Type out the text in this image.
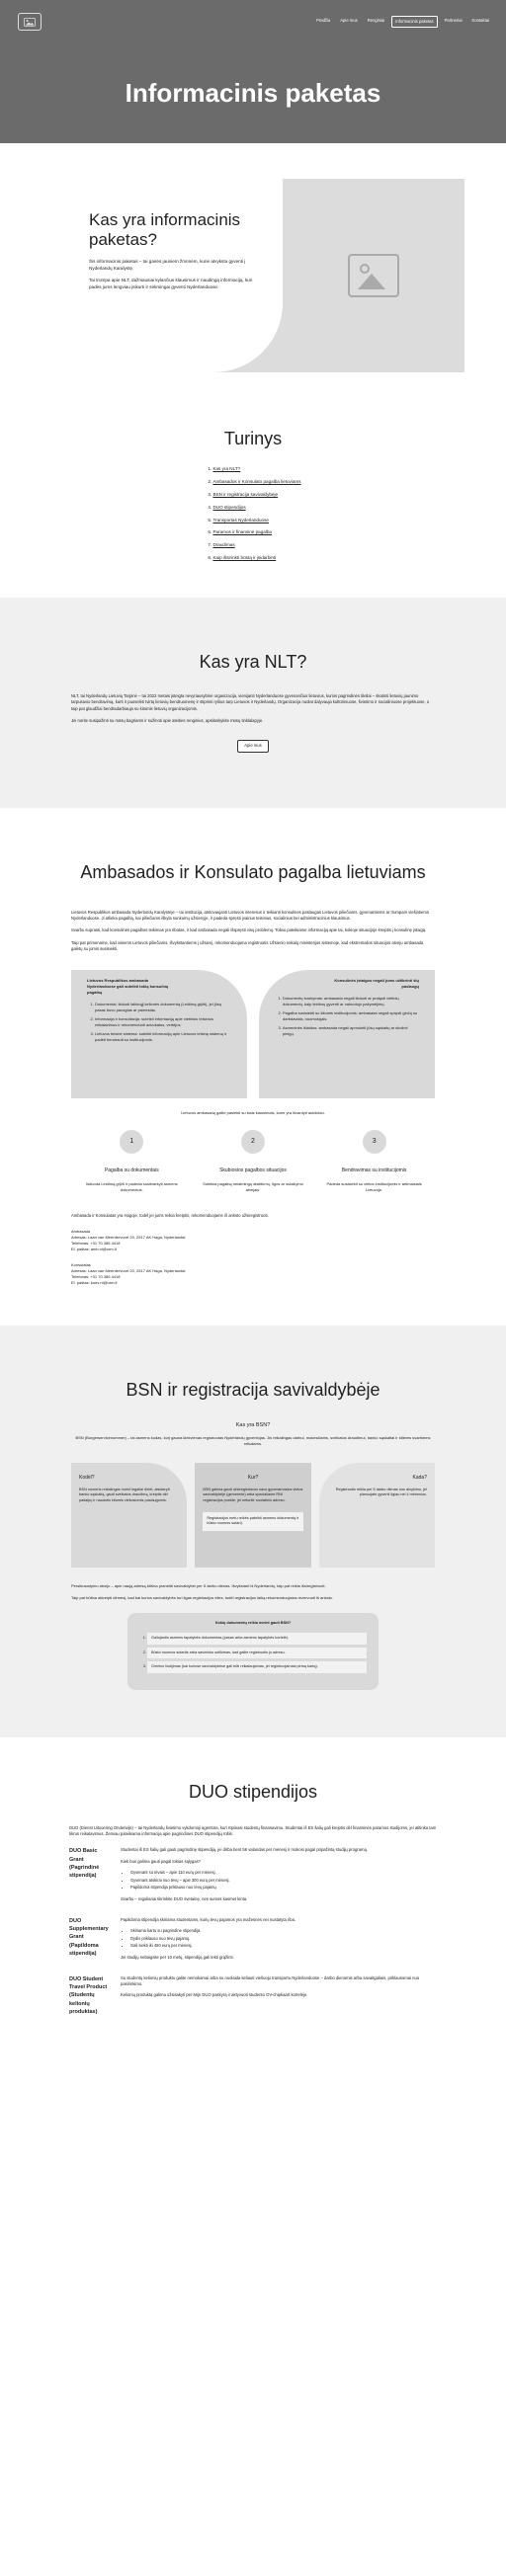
Pradžia	Apie mus	Renginiai	Informacinis paketas	Partneriai	Kontaktai
Informacinis paketas
Kas yra informacinis paketas?

Šis informacinis paketas – tai gairės jauniem žmonėm, kurie atvyksta gyventi į Nyderlandų Karalystę.

Tai trumpa apie NLT, dažniausiai kylančius klausimus ir naudingą informaciją, kuri padės jums lengviau įsikurti ir sėkmingai gyventi Nyderlanduose.

Turinys
1. Kas yra NLT?
2. Ambasados ir Konsulato pagalba lietuviams
3. BSN ir registracija savivaldybėje
4. DUO stipendijos
5. Transportas Nyderlanduose
6. Paramos ir finansinė pagalba
7. Draudimas
8. Kaip išsirinkti būstą ir įsidarbinti
Kas yra NLT?

NLT, tai Nyderlandų Lietuvių Tarpinė – tai 2022 metais įsteigta nevyriausybinė organizacija, vienijanti Nyderlanduose gyvenančius lietuvius, kurios pagrindinės tikslai – skatinti lietuvių jaunimo tarpusavio bendravimą, kurti ir puoselėti tvirtą lietuvių bendruomenę ir stiprinti ryšius tarp Lietuvos ir Nyderlandų. Organizacija nuolat dalyvauja kultūriniuose, švietimo ir socialiniuose projektuose, o taip pat glaudžiai bendradarbiauja su kitomis lietuvių organizacijomis.

Jei norite susipažinti su mūsų bagriams ir sužinoti apie ateities renginius, apsilankykite mūsų tinklalapyje.

Apie mus
Ambasados ir Konsulato pagalba lietuviams

Lietuvos Respublikos ambasada Nyderlandų Karalystėje – tai institucija, atstovaujanti Lietuvos interesus ir teikianti konsulines paslaugas Lietuvos piliečiams, gyvenantiems ar trumpam viešintiems Nyderlanduose. Ji atlieka pagalbą, kai piliečiams iškyla sunkumų užsienyje, ir padeda spręsti įvairius teisinius, socialinius bei administracinius klausimus.

Svarbu suprasti, kad konsulinės pagalbos teikimas yra ribotas, ir kad ambasada negali išspręsti visų problemų. Toliau pateikiame informaciją apie tai, kokioje situacijoje kreiptis į konsulinę įstaigą.

Taip pat primename, kad visiems Lietuvos piliečiams, išvykstantiems į užsienį, rekomenduojama registruotis Užsienio reikalų ministerijos sistemoje, kad ekstremalios situacijos atveju ambasada galėtų su jumis susisiekti.

Lietuvos Respublikos ambasada Nyderlanduose gali suteikti tokią konsulinę pagalbą
1. Dokumentai: išduoti laikinąjį kelionės dokumentą (Leidimą grįžti), jei jūsų pasas buvo pavogtas ar pamestas.
2. Informacija ir konsultacija: suteikti informaciją apie vietinius teisinius reikalavimus ir rekomenduoti advokatus, vertėjus.
3. Lietuvos teisinė sistema: suteikti informaciją apie Lietuvos teisinę sistemą ir padėti bendrauti su institucijomis.
Konsulinės įstaigos negali jums užtikrinti šių paslaugų
1. Dokumentų tvarkymas: ambasada negali išduoti ar pratęsti vietinių dokumentų, kaip leidimų gyventi ar vairuotojo pažymėjimų.
2. Pagalba susisiekti su kitomis institucijomis: ambasada negali spręsti ginčų su darbdaviais, nuomotojais.
3. Asmeninės išlaidos: ambasada negali apmokėti jūsų sąskaitų ar skolinti pinigų.
Lietuvos ambasadą galite pasiekti su šiais klausimais, kurie yra išvardyti aukščiau.
1
Pagalba su dokumentais
Išduoda Leidimą grįžti ir padeda susitvarkyti asmens dokumentus.
2
Skubiosios pagalbos situacijos
Suteikia pagalbą nelaimingų atsitikimų, ligos ar sulaikymo atvejais.
3
Bendravimas su institucijomis
Padeda susisiekti su vietos institucijomis ir artimaisiais Lietuvoje.

Ambasada ir Konsulatas yra Hagoje, todėl jei jums reikia kreiptis, rekomenduojame iš anksto užsiregistruoti.

Ambasada
Adresas: Laan van Meerdervoort 20, 2517 AK Haga, Nyderlandai
Telefonas: +31 70 385 4418
El. paštas: amb.nl@urm.lt
Konsulatas
Adresas: Laan van Meerdervoort 20, 2517 AK Haga, Nyderlandai
Telefonas: +31 70 385 4418
El. paštas: kons.nl@urm.lt
BSN ir registracija savivaldybėje
Kas yra BSN?

BSN (Burgerservicenummer) – tai asmens kodas, kurį gauna kiekvienas registruotas Nyderlandų gyventojas. Jis reikalingas darbui, mokesčiams, sveikatos draudimui, banko sąskaitai ir kitiems svarbiems reikalams.

Kodėl?
BSN numeris reikalingas norint legaliai dirbti, atsidaryti banko sąskaitą, gauti sveikatos draudimą, kreiptis dėl pašalpų ir naudotis kitomis viešosiomis paslaugomis.
Kur?
BSN galima gauti užsiregistravus savo gyvenamosios vietos savivaldybėje (gemeente) arba specialiame RNI registracijos punkte, jei neturite nuolatinio adreso.
Registracijos metu reikės pateikti asmens dokumentą ir būsto nuomos sutartį.
Kada?
Registruotis reikia per 5 darbo dienas nuo atvykimo, jei planuojate gyventi ilgiau nei 4 mėnesius.

Persikraustymo atveju – apie naują adresą būtina pranešti savivaldybei per 5 darbo dienas. Išvykstant iš Nyderlandų, taip pat reikia išsiregistruoti.

Taip pat būtina atkreipti dėmesį, kad kai kurios savivaldybės turi ilgas registracijos eiles, todėl registracijos laiką rekomenduojama rezervuoti iš anksto.

Kokių dokumentų reikia norint gauti BSN?
1. Galiojantis asmens tapatybės dokumentas (pasas arba asmens tapatybės kortelė).
2. Būsto nuomos sutartis arba savininko sutikimas, kad galite registruotis jo adresu.
3. Gimimo liudijimas (kai kuriose savivaldybėse gali būti reikalaujamas, jei registruojamasi pirmą kartą).
DUO stipendijos

DUO (Dienst Uitvoering Onderwijs) – tai Nyderlandų švietimo vykdomoji agentūra, kuri rūpinasi studentų finansavimu. Studentai iš ES šalių gali kreiptis dėl finansinės paramos studijoms, jei atitinka tam tikrus reikalavimus. Žemiau pateikiama informacija apie pagrindines DUO stipendijų rūšis.

DUO Basic Grant (Pagrindinė stipendija)

Studentai iš ES šalių gali gauti pagrindinę stipendiją, jei dirba bent 56 valandas per mėnesį ir mokosi pagal pripažintą studijų programą.

Kiek bus galima gauti pagal tokias sąlygas?

• Gyvenant su tėvais – apie 110 eurų per mėnesį.
• Gyvenant atskirai nuo tėvų – apie 300 eurų per mėnesį.
• Papildoma stipendija priklauso nuo tėvų pajamų.

Svarbu – reguliariai tikrinkite DUO svetainę, nes sumos kasmet kinta.

DUO Supplementary Grant (Papildoma stipendija)

Papildoma stipendija skiriama studentams, kurių tėvų pajamos yra mažesnės nei nustatyta riba.

• Skiriama kartu su pagrindine stipendija.
• Dydis priklauso nuo tėvų pajamų.
• Gali siekti iki 450 eurų per mėnesį.

Jei studijų nebaigsite per 10 metų, stipendiją gali tekti grąžinti.

DUO Student Travel Product (Studentų kelionių produktas)

Su studentų kelionių produktu galite nemokamai arba su nuolaida keliauti viešuoju transportu Nyderlanduose – darbo dienomis arba savaitgaliais, priklausomai nuo pasirinkimo.

Kelionių produktą galima užsisakyti per Mijn DUO paskyrą ir aktyvuoti studento OV-chipkaart kortelėje.
